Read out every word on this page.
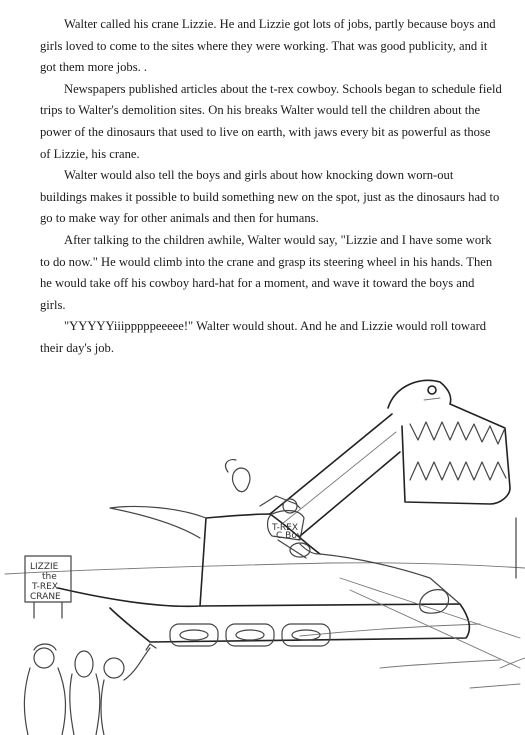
Walter called his crane Lizzie. He and Lizzie got lots of jobs, partly because boys and girls loved to come to the sites where they were working. That was good publicity, and it got them more jobs. .

Newspapers published articles about the t-rex cowboy. Schools began to schedule field trips to Walter's demolition sites. On his breaks Walter would tell the children about the power of the dinosaurs that used to live on earth, with jaws every bit as powerful as those of Lizzie, his crane.

Walter would also tell the boys and girls about how knocking down worn-out buildings makes it possible to build something new on the spot, just as the dinosaurs had to go to make way for other animals and then for humans.

After talking to the children awhile, Walter would say, "Lizzie and I have some work to do now." He would climb into the crane and grasp its steering wheel in his hands. Then he would take off his cowboy hard-hat for a moment, and wave it toward the boys and girls.

"YYYYYiiipppppeeeee!" Walter would shout. And he and Lizzie would roll toward their day's job.

T-REX
C.Boy
LIZZIE
the
T-REX
CRANE
